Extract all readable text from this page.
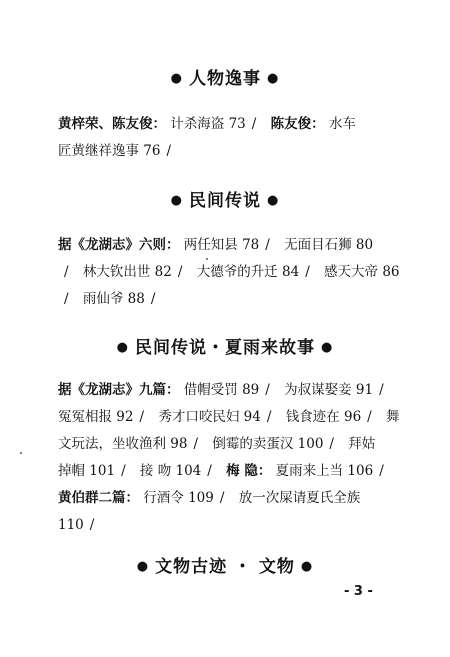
● 人物逸事 ●
黄梓荣、陈友俊： 计杀海盗 73 / 陈友俊： 水车
匠黄继祥逸事 76 /
● 民间传说 ●
据《龙湖志》六则： 两任知县 78 / 无面目石狮 80
/ 林大钦出世 82 / 大德爷的升迁 84 / 感天大帝 86
/ 雨仙爷 88 /
● 民间传说・夏雨来故事 ●
据《龙湖志》九篇： 借帽受罚 89 / 为叔谋娶妾 91 /
冤冤相报 92 / 秀才口咬民妇 94 / 钱食迹在 96 / 舞
文玩法，坐收渔利 98 / 倒霉的卖蛋汉 100 / 拜姑
掉帽 101 / 接 吻 104 / 梅 隐： 夏雨来上当 106 /
黄伯群二篇： 行酒令 109 / 放一次屎请夏氏全族
110 /
● 文物古迹 ・ 文物 ●
- 3 -
